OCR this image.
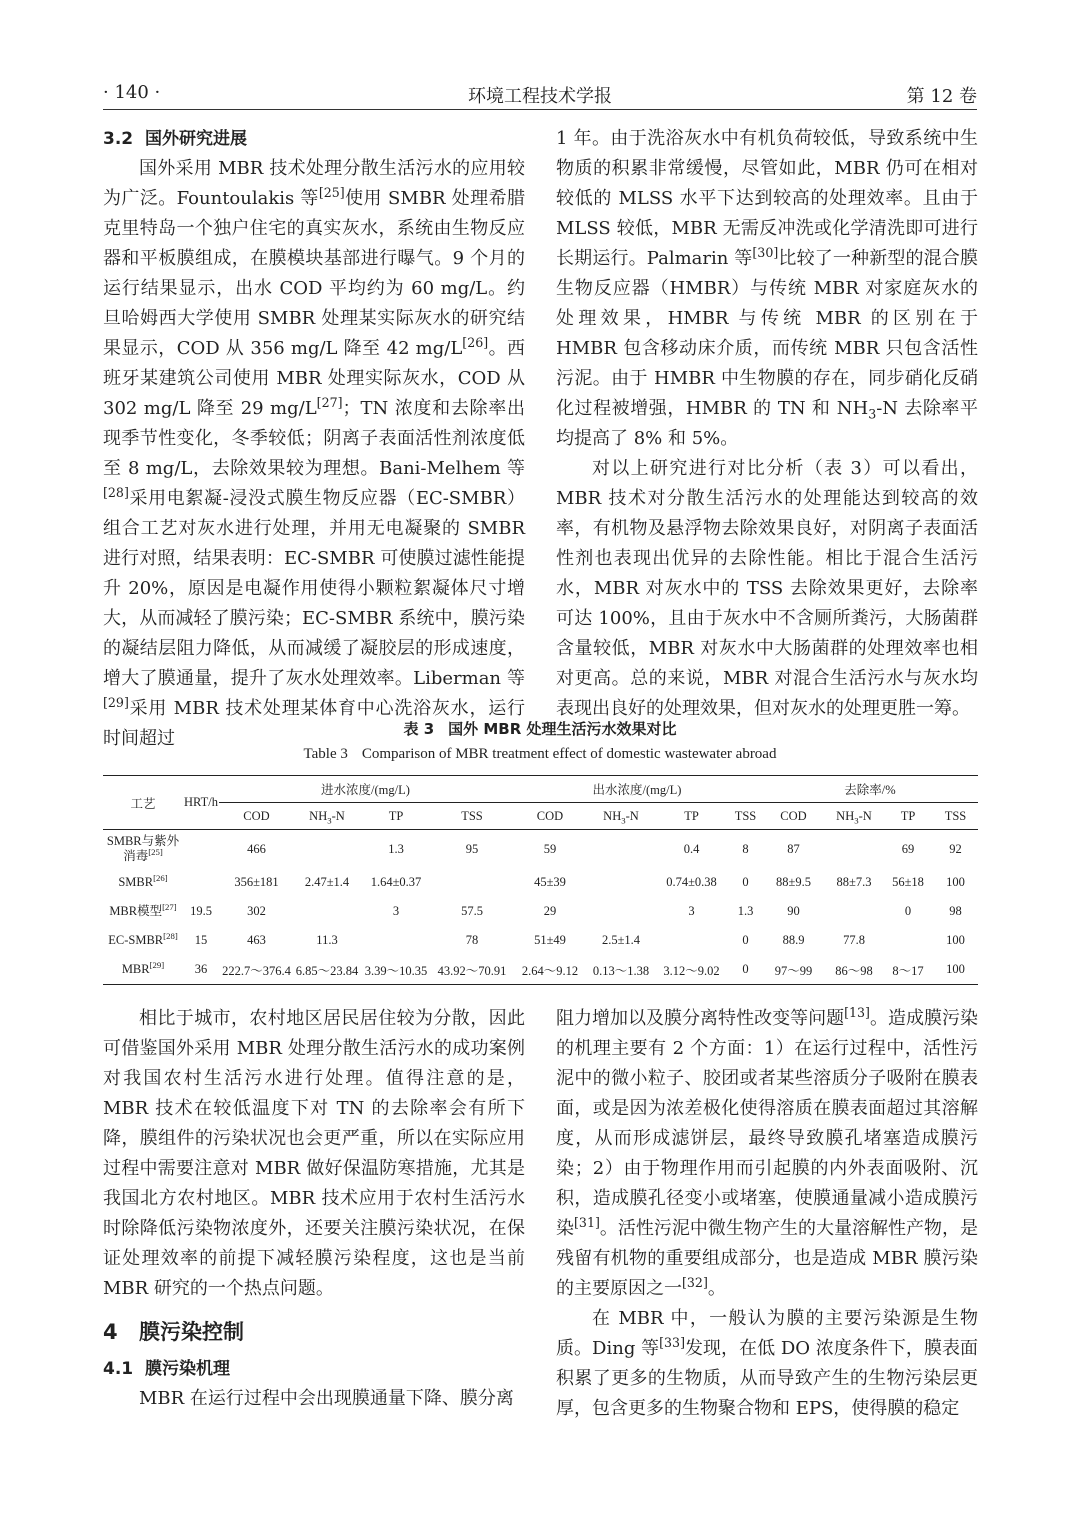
· 140 ·	环境工程技术学报	第 12 卷
3.2 国外研究进展

国外采用 MBR 技术处理分散生活污水的应用较为广泛。Fountoulakis 等[25]使用 SMBR 处理希腊克里特岛一个独户住宅的真实灰水，系统由生物反应器和平板膜组成，在膜模块基部进行曝气。9 个月的运行结果显示，出水 COD 平均约为 60 mg/L。约旦哈姆西大学使用 SMBR 处理某实际灰水的研究结果显示，COD 从 356 mg/L 降至 42 mg/L[26]。西班牙某建筑公司使用 MBR 处理实际灰水，COD 从 302 mg/L 降至 29 mg/L[27]；TN 浓度和去除率出现季节性变化，冬季较低；阴离子表面活性剂浓度低至 8 mg/L，去除效果较为理想。Bani-Melhem 等[28]采用电絮凝-浸没式膜生物反应器（EC-SMBR）组合工艺对灰水进行处理，并用无电凝聚的 SMBR 进行对照，结果表明：EC-SMBR 可使膜过滤性能提升 20%，原因是电凝作用使得小颗粒絮凝体尺寸增大，从而减轻了膜污染；EC-SMBR 系统中，膜污染的凝结层阻力降低，从而减缓了凝胶层的形成速度，增大了膜通量，提升了灰水处理效率。Liberman 等[29]采用 MBR 技术处理某体育中心洗浴灰水，运行时间超过

1 年。由于洗浴灰水中有机负荷较低，导致系统中生物质的积累非常缓慢，尽管如此，MBR 仍可在相对较低的 MLSS 水平下达到较高的处理效率。且由于 MLSS 较低，MBR 无需反冲洗或化学清洗即可进行长期运行。Palmarin 等[30]比较了一种新型的混合膜生物反应器（HMBR）与传统 MBR 对家庭灰水的处理效果，HMBR 与传统 MBR 的区别在于 HMBR 包含移动床介质，而传统 MBR 只包含活性污泥。由于 HMBR 中生物膜的存在，同步硝化反硝化过程被增强，HMBR 的 TN 和 $NH_3-N$ 去除率平均提高了 8% 和 5%。

对以上研究进行对比分析（表 3）可以看出，MBR 技术对分散生活污水的处理能达到较高的效率，有机物及悬浮物去除效果良好，对阴离子表面活性剂也表现出优异的去除性能。相比于混合生活污水，MBR 对灰水中的 TSS 去除效果更好，去除率可达 100%，且由于灰水中不含厕所粪污，大肠菌群含量较低，MBR 对灰水中大肠菌群的处理效率也相对更高。总的来说，MBR 对混合生活污水与灰水均表现出良好的处理效果，但对灰水的处理更胜一筹。

表 3 国外 MBR 处理生活污水效果对比
Table 3 Comparison of MBR treatment effect of domestic wastewater abroad
工艺	HRT/h	进水浓度/(mg/L)				出水浓度/(mg/L)				去除率/%			
		COD	$NH_3-N$	TP	TSS	COD	$NH_3-N$	TP	TSS	COD	$NH_3-N$	TP	TSS
SMBR与紫外
消毒[25]		466		1.3	95	59		0.4	8	87		69	92
SMBR[26]		356±181	2.47±1.4	1.64±0.37		45±39		0.74±0.38	0	88±9.5	88±7.3	56±18	100
MBR模型[27]	19.5	302		3	57.5	29		3	1.3	90		0	98
EC-SMBR[28]	15	463	11.3		78	51±49	2.5±1.4		0	88.9	77.8		100
MBR[29]	36	222.7～376.4	6.85～23.84	3.39～10.35	43.92～70.91	2.64～9.12	0.13～1.38	3.12～9.02	0	97～99	86～98	8～17	100

相比于城市，农村地区居民居住较为分散，因此可借鉴国外采用 MBR 处理分散生活污水的成功案例对我国农村生活污水进行处理。值得注意的是，MBR 技术在较低温度下对 TN 的去除率会有所下降，膜组件的污染状况也会更严重，所以在实际应用过程中需要注意对 MBR 做好保温防寒措施，尤其是我国北方农村地区。MBR 技术应用于农村生活污水时除降低污染物浓度外，还要关注膜污染状况，在保证处理效率的前提下减轻膜污染程度，这也是当前 MBR 研究的一个热点问题。

4 膜污染控制
4.1 膜污染机理

MBR 在运行过程中会出现膜通量下降、膜分离

阻力增加以及膜分离特性改变等问题[13]。造成膜污染的机理主要有 2 个方面：1）在运行过程中，活性污泥中的微小粒子、胶团或者某些溶质分子吸附在膜表面，或是因为浓差极化使得溶质在膜表面超过其溶解度，从而形成滤饼层，最终导致膜孔堵塞造成膜污染；2）由于物理作用而引起膜的内外表面吸附、沉积，造成膜孔径变小或堵塞，使膜通量减小造成膜污染[31]。活性污泥中微生物产生的大量溶解性产物，是残留有机物的重要组成部分，也是造成 MBR 膜污染的主要原因之一[32]。

在 MBR 中，一般认为膜的主要污染源是生物质。Ding 等[33]发现，在低 DO 浓度条件下，膜表面积累了更多的生物质，从而导致产生的生物污染层更厚，包含更多的生物聚合物和 EPS，使得膜的稳定
